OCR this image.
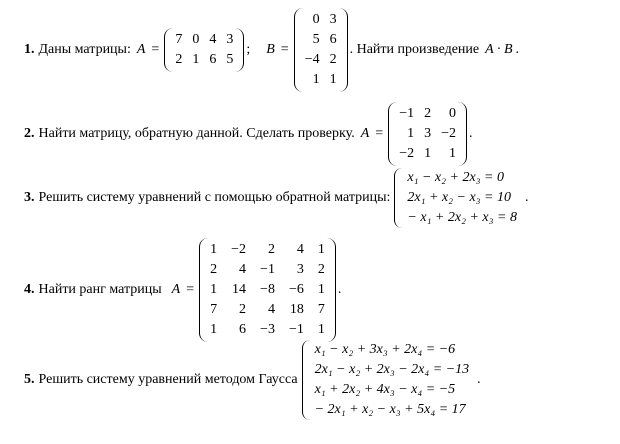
1. Даны матрицы: A =
7 0 4 3
2 1 6 5
; B =
0 3
5 6
−4 2
1 1
. Найти произведение A · B .
2. Найти матрицу, обратную данной. Сделать проверку. A =
−1 2	0
1 3 −2
−2 1	1
.
3. Решить систему уравнений с помощью обратной матрицы:
x₁ − x₂ + 2x₃ = 0
2x₁ + x₂ − x₃ = 10
− x₁ + 2x₂ + x₃ = 8
.
4. Найти ранг матрицы A =
1 −2	2	4 1
2	4 −1	3 2
1 14 −8 −6 1
7	2	4 18 7
1	6 −3 −1 1
.
5. Решить систему уравнений методом Гаусса
x₁ − x₂ + 3x₃ + 2x₄ = −6
2x₁ − x₂ + 2x₃ − 2x₄ = −13
x₁ + 2x₂ + 4x₃ − x₄ = −5
− 2x₁ + x₂ − x₃ + 5x₄ = 17
.
